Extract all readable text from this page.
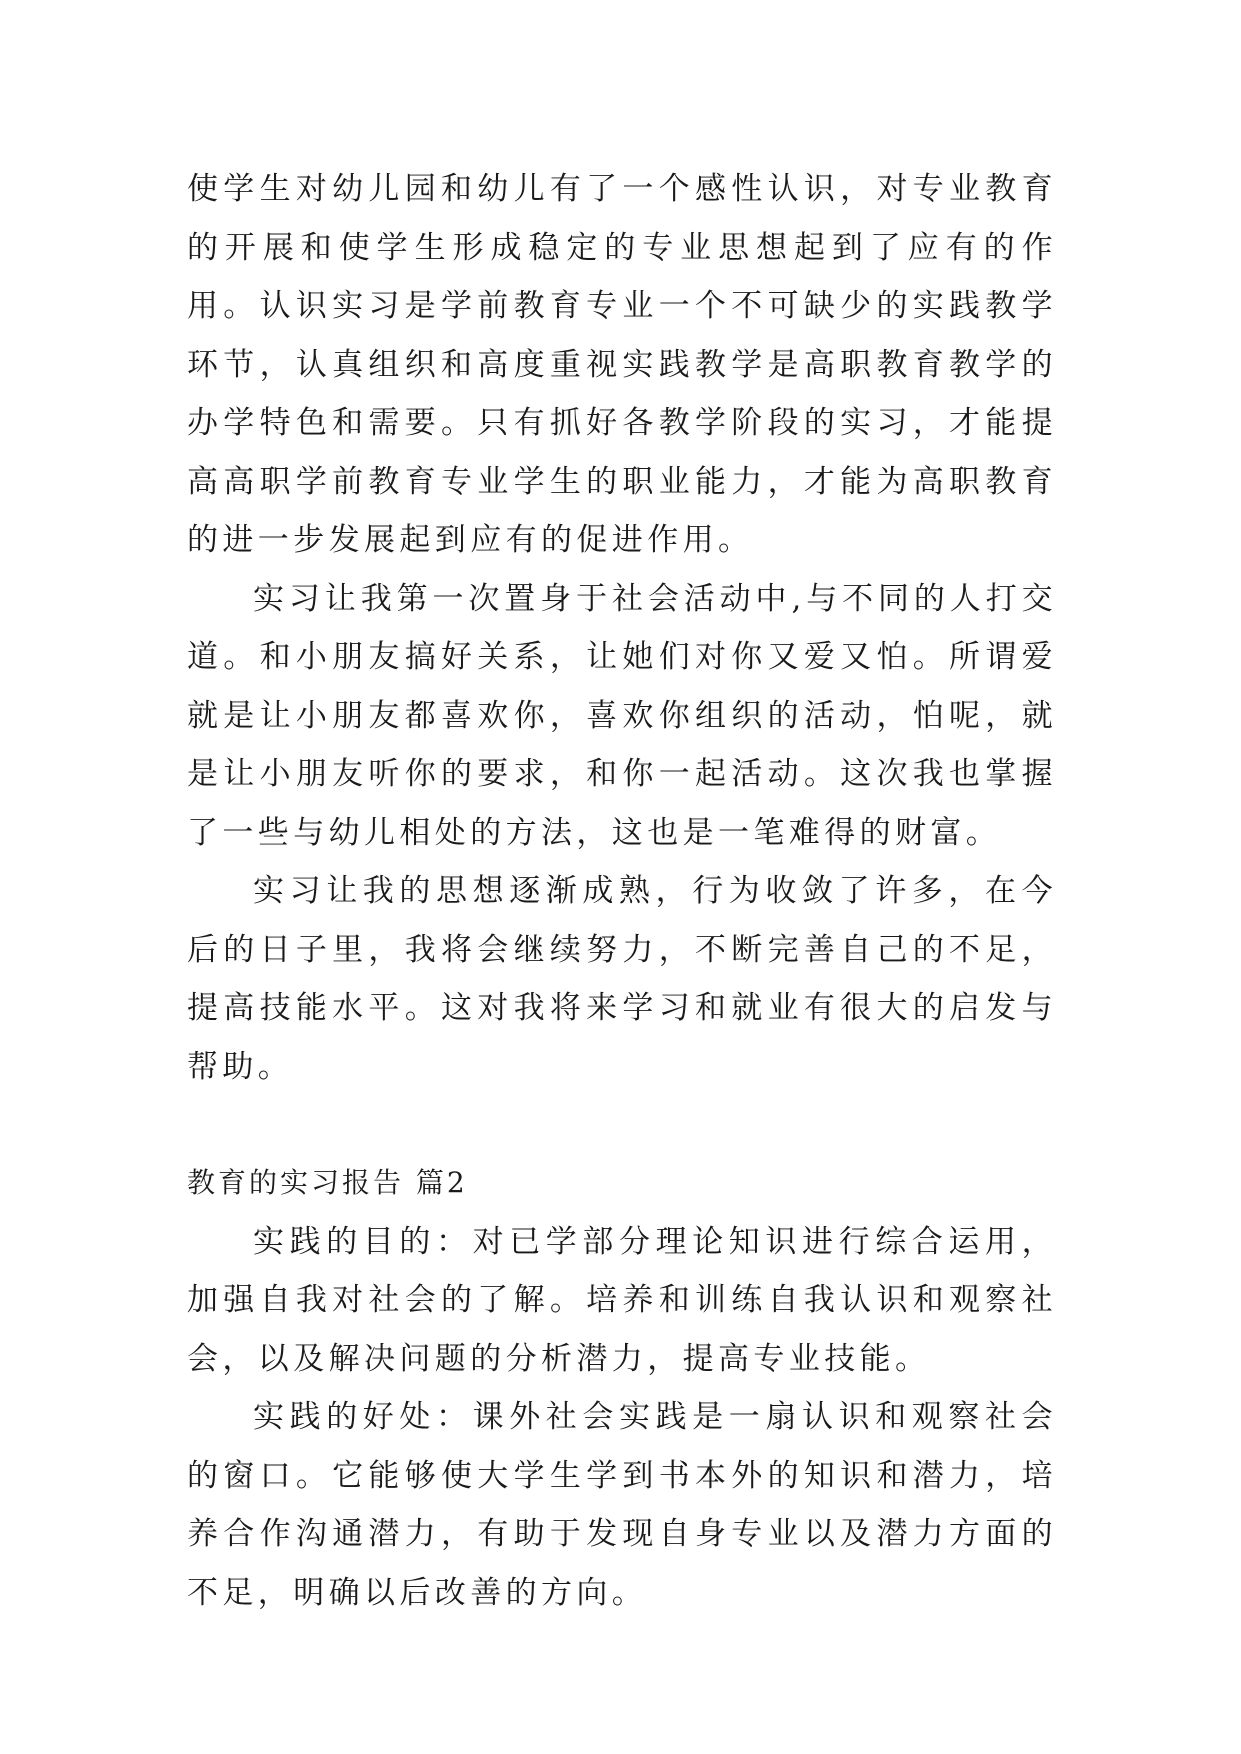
使学生对幼儿园和幼儿有了一个感性认识，对专业教育的开展和使学生形成稳定的专业思想起到了应有的作用。认识实习是学前教育专业一个不可缺少的实践教学环节，认真组织和高度重视实践教学是高职教育教学的办学特色和需要。只有抓好各教学阶段的实习，才能提高高职学前教育专业学生的职业能力，才能为高职教育的进一步发展起到应有的促进作用。

实习让我第一次置身于社会活动中,与不同的人打交道。和小朋友搞好关系，让她们对你又爱又怕。所谓爱就是让小朋友都喜欢你，喜欢你组织的活动，怕呢，就是让小朋友听你的要求，和你一起活动。这次我也掌握了一些与幼儿相处的方法，这也是一笔难得的财富。

实习让我的思想逐渐成熟，行为收敛了许多，在今后的日子里，我将会继续努力，不断完善自己的不足，提高技能水平。这对我将来学习和就业有很大的启发与帮助。

教育的实习报告 篇2

实践的目的：对已学部分理论知识进行综合运用，加强自我对社会的了解。培养和训练自我认识和观察社会，以及解决问题的分析潜力，提高专业技能。

实践的好处：课外社会实践是一扇认识和观察社会的窗口。它能够使大学生学到书本外的知识和潜力，培养合作沟通潜力，有助于发现自身专业以及潜力方面的不足，明确以后改善的方向。
